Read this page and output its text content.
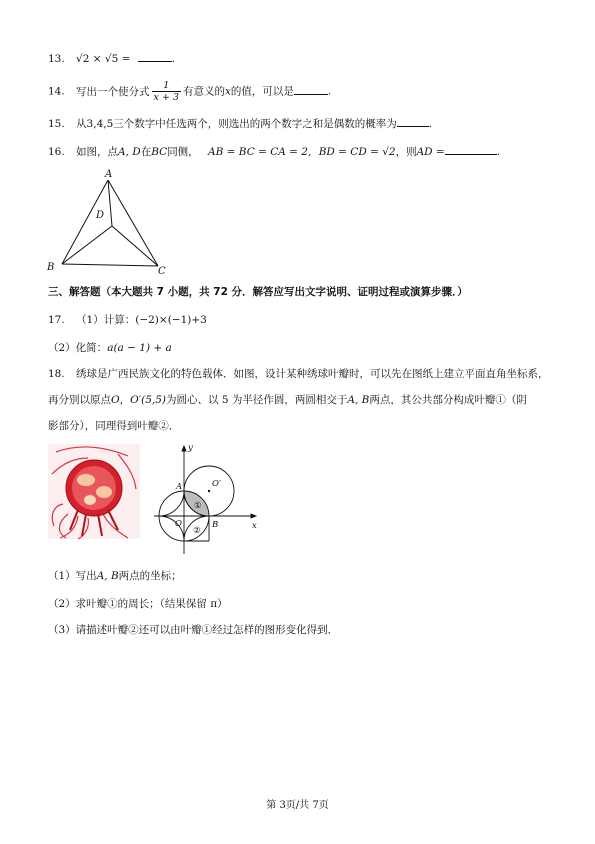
13. √2 × √5 =	.
14. 写出一个使分式 $\frac{1}{x + 3}$ 有意义的x的值，可以是	.
15. 从3,4,5三个数字中任选两个，则选出的两个数字之和是偶数的概率为	.
16. 如图，点A, D在BC同侧， AB = BC = CA = 2, BD = CD = √2，则AD =	.
A
D
B	C
三、解答题（本大题共 7 小题，共 72 分．解答应写出文字说明、证明过程或演算步骤．）
17. （1）计算：(−2)×(−1)+3
（2）化简：a(a − 1) + a
18. 绣球是广西民族文化的特色载体．如图，设计某种绣球叶瓣时，可以先在图纸上建立平面直角坐标系，
再分别以原点O，O′(5,5)为圆心、以 5 为半径作圆，两圆相交于A, B两点，其公共部分构成叶瓣①（阴
影部分），同理得到叶瓣②．
y
x
A
B
O
O′
①
②
（1）写出A, B两点的坐标；
（2）求叶瓣①的周长；（结果保留 π）
（3）请描述叶瓣②还可以由叶瓣①经过怎样的图形变化得到．
第 3页/共 7页
